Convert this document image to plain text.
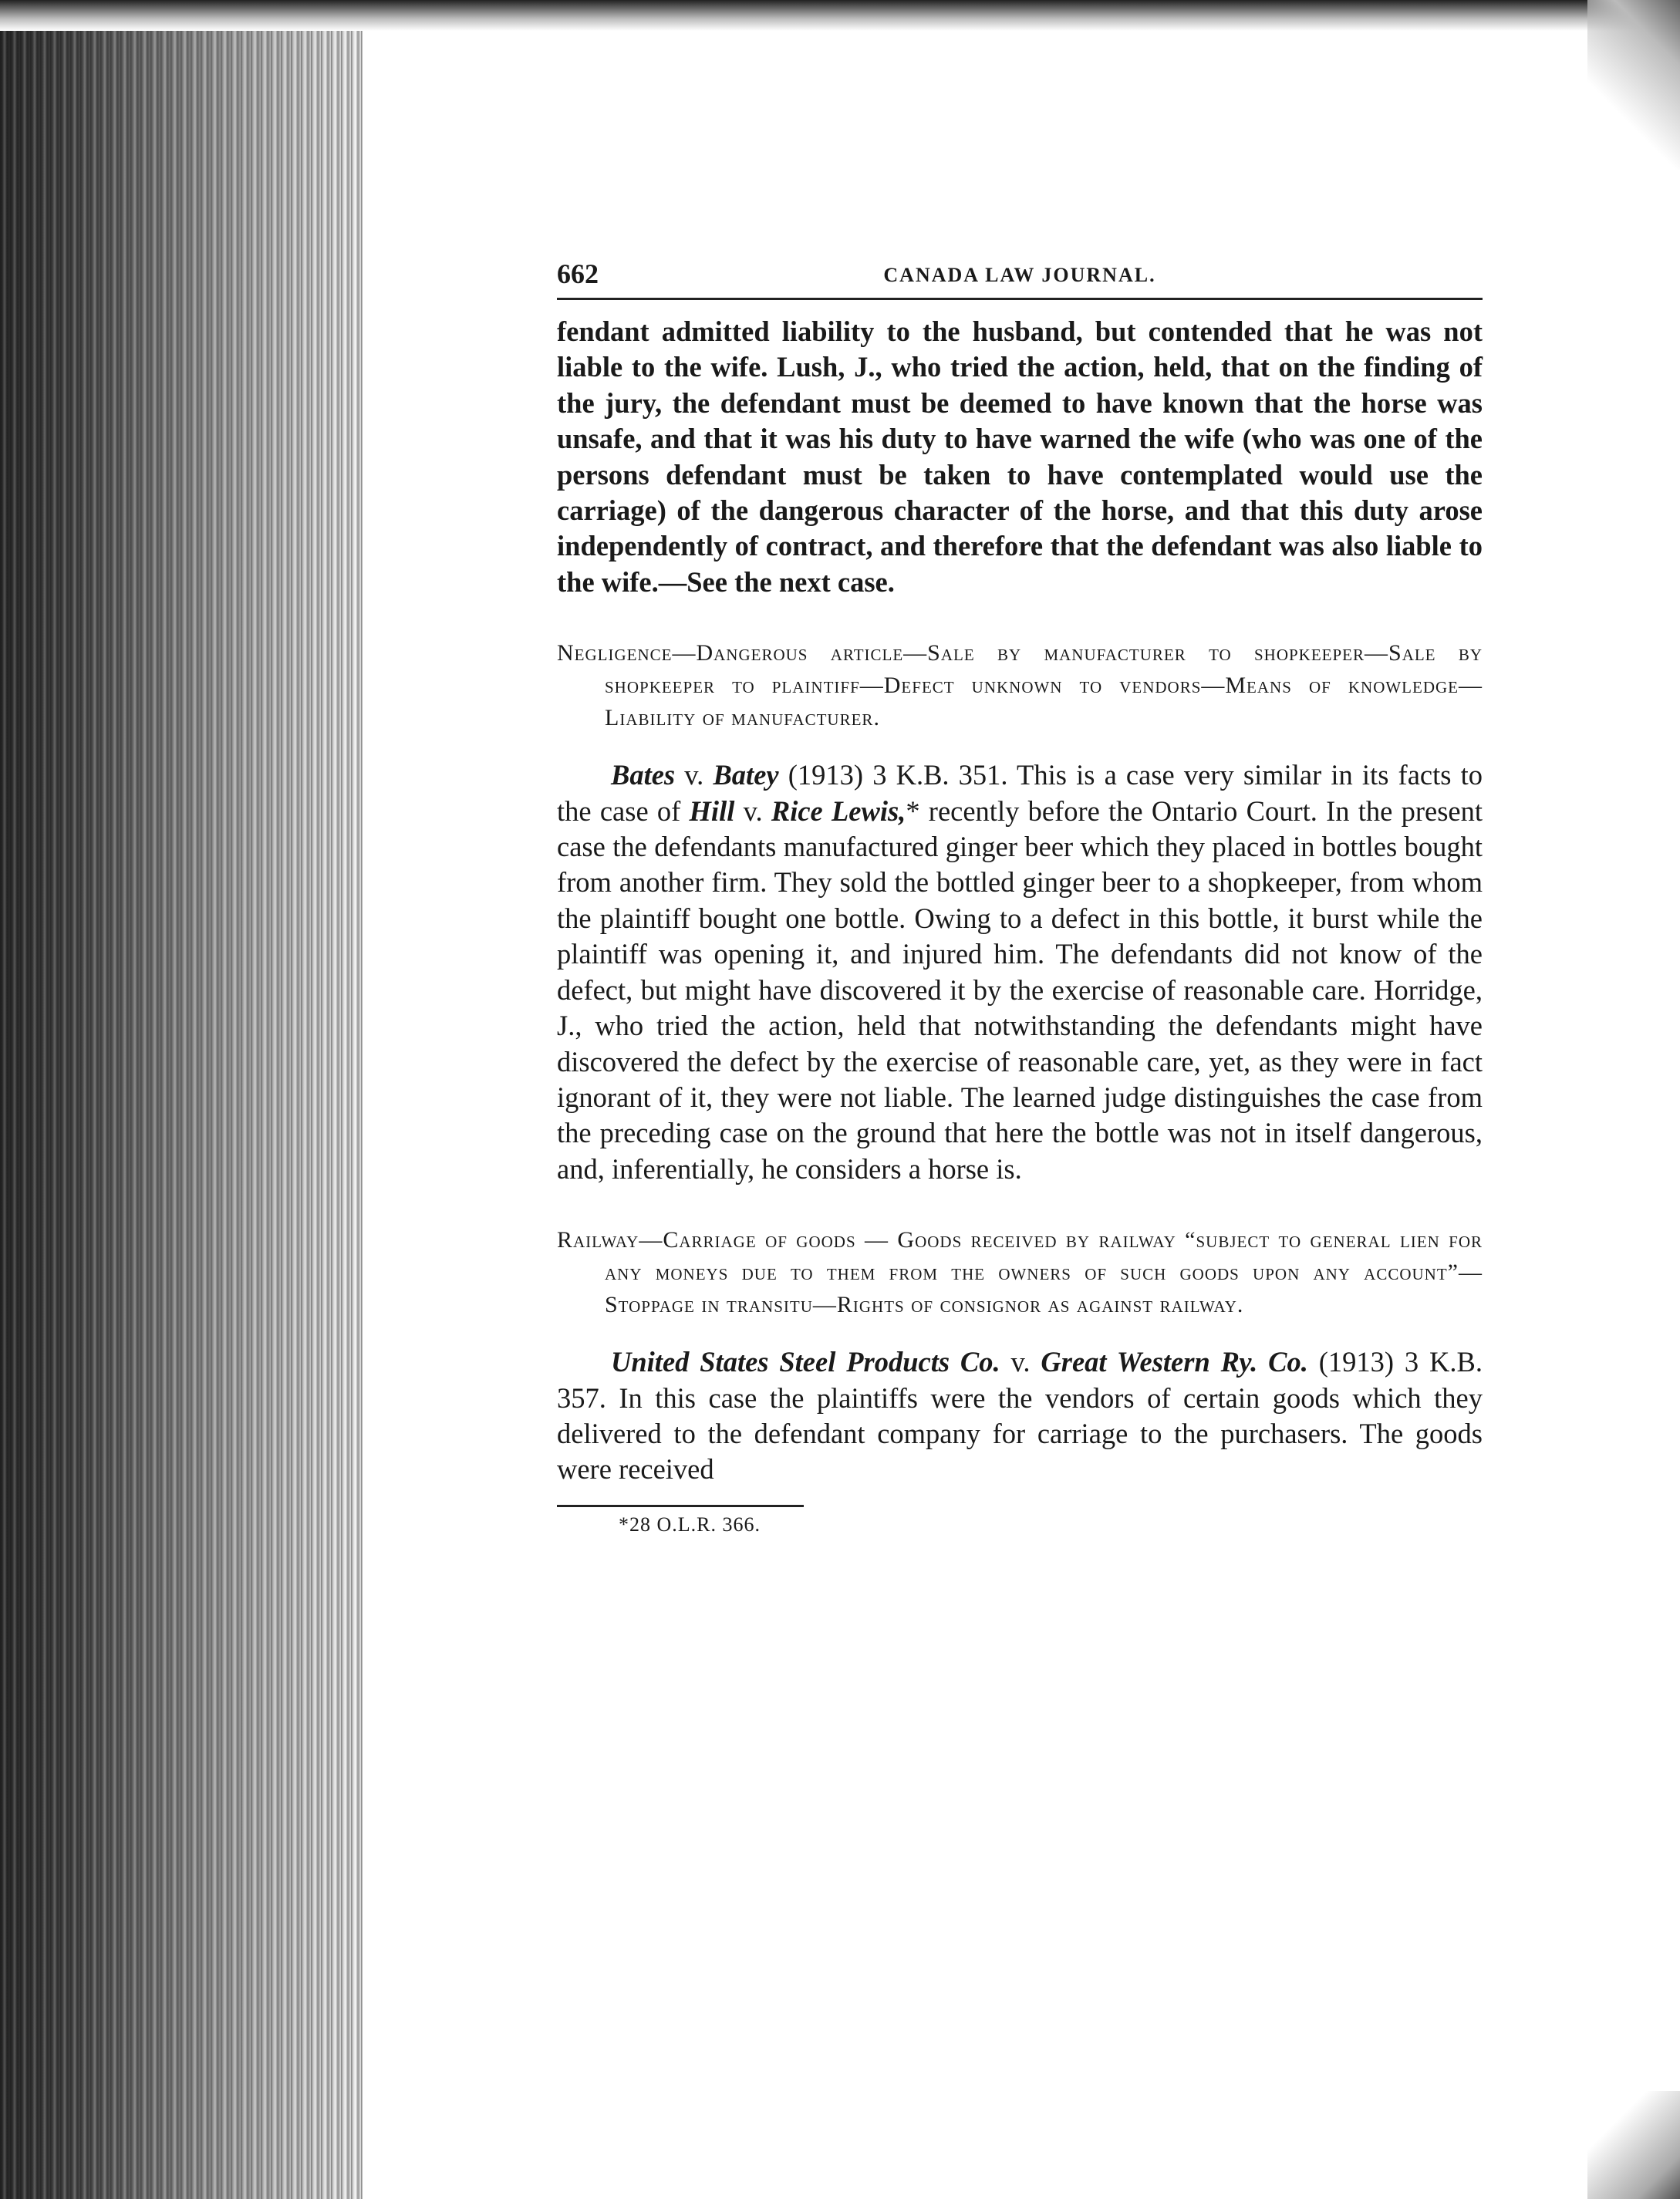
662	CANADA LAW JOURNAL.

fendant admitted liability to the husband, but contended that he was not liable to the wife. Lush, J., who tried the action, held, that on the finding of the jury, the defendant must be deemed to have known that the horse was unsafe, and that it was his duty to have warned the wife (who was one of the persons defendant must be taken to have contemplated would use the carriage) of the dangerous character of the horse, and that this duty arose independently of contract, and therefore that the defendant was also liable to the wife.—See the next case.

Negligence—Dangerous article—Sale by manufacturer to shopkeeper—Sale by shopkeeper to plaintiff—Defect unknown to vendors—Means of knowledge—Liability of manufacturer.

Bates v. Batey (1913) 3 K.B. 351. This is a case very similar in its facts to the case of Hill v. Rice Lewis,* recently before the Ontario Court. In the present case the defendants manufactured ginger beer which they placed in bottles bought from another firm. They sold the bottled ginger beer to a shopkeeper, from whom the plaintiff bought one bottle. Owing to a defect in this bottle, it burst while the plaintiff was opening it, and injured him. The defendants did not know of the defect, but might have discovered it by the exercise of reasonable care. Horridge, J., who tried the action, held that notwithstanding the defendants might have discovered the defect by the exercise of reasonable care, yet, as they were in fact ignorant of it, they were not liable. The learned judge distinguishes the case from the preceding case on the ground that here the bottle was not in itself dangerous, and, inferentially, he considers a horse is.

Railway—Carriage of goods — Goods received by railway “subject to general lien for any moneys due to them from the owners of such goods upon any account”—Stoppage in transitu—Rights of consignor as against railway.

United States Steel Products Co. v. Great Western Ry. Co. (1913) 3 K.B. 357. In this case the plaintiffs were the vendors of certain goods which they delivered to the defendant company for carriage to the purchasers. The goods were received

*28 O.L.R. 366.
